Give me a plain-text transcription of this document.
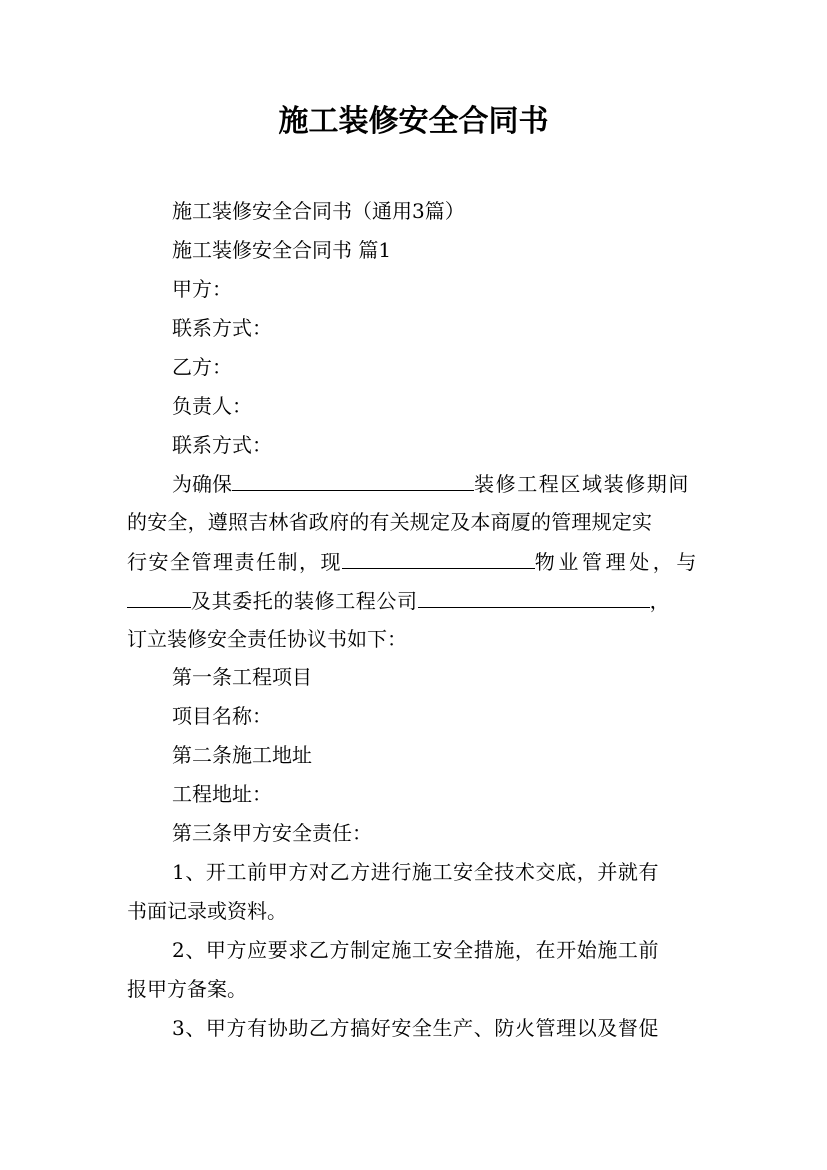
施工装修安全合同书
施工装修安全合同书（通用3篇）
施工装修安全合同书 篇1
甲方：
联系方式：
乙方：
负责人：
联系方式：
为确保	装修工程区域装修期间
的安全，遵照吉林省政府的有关规定及本商厦的管理规定实
行安全管理责任制，现	物业管理处，与
及其委托的装修工程公司	，
订立装修安全责任协议书如下：
第一条工程项目
项目名称：
第二条施工地址
工程地址：
第三条甲方安全责任：
1、开工前甲方对乙方进行施工安全技术交底，并就有
书面记录或资料。
2、甲方应要求乙方制定施工安全措施，在开始施工前
报甲方备案。
3、甲方有协助乙方搞好安全生产、防火管理以及督促
